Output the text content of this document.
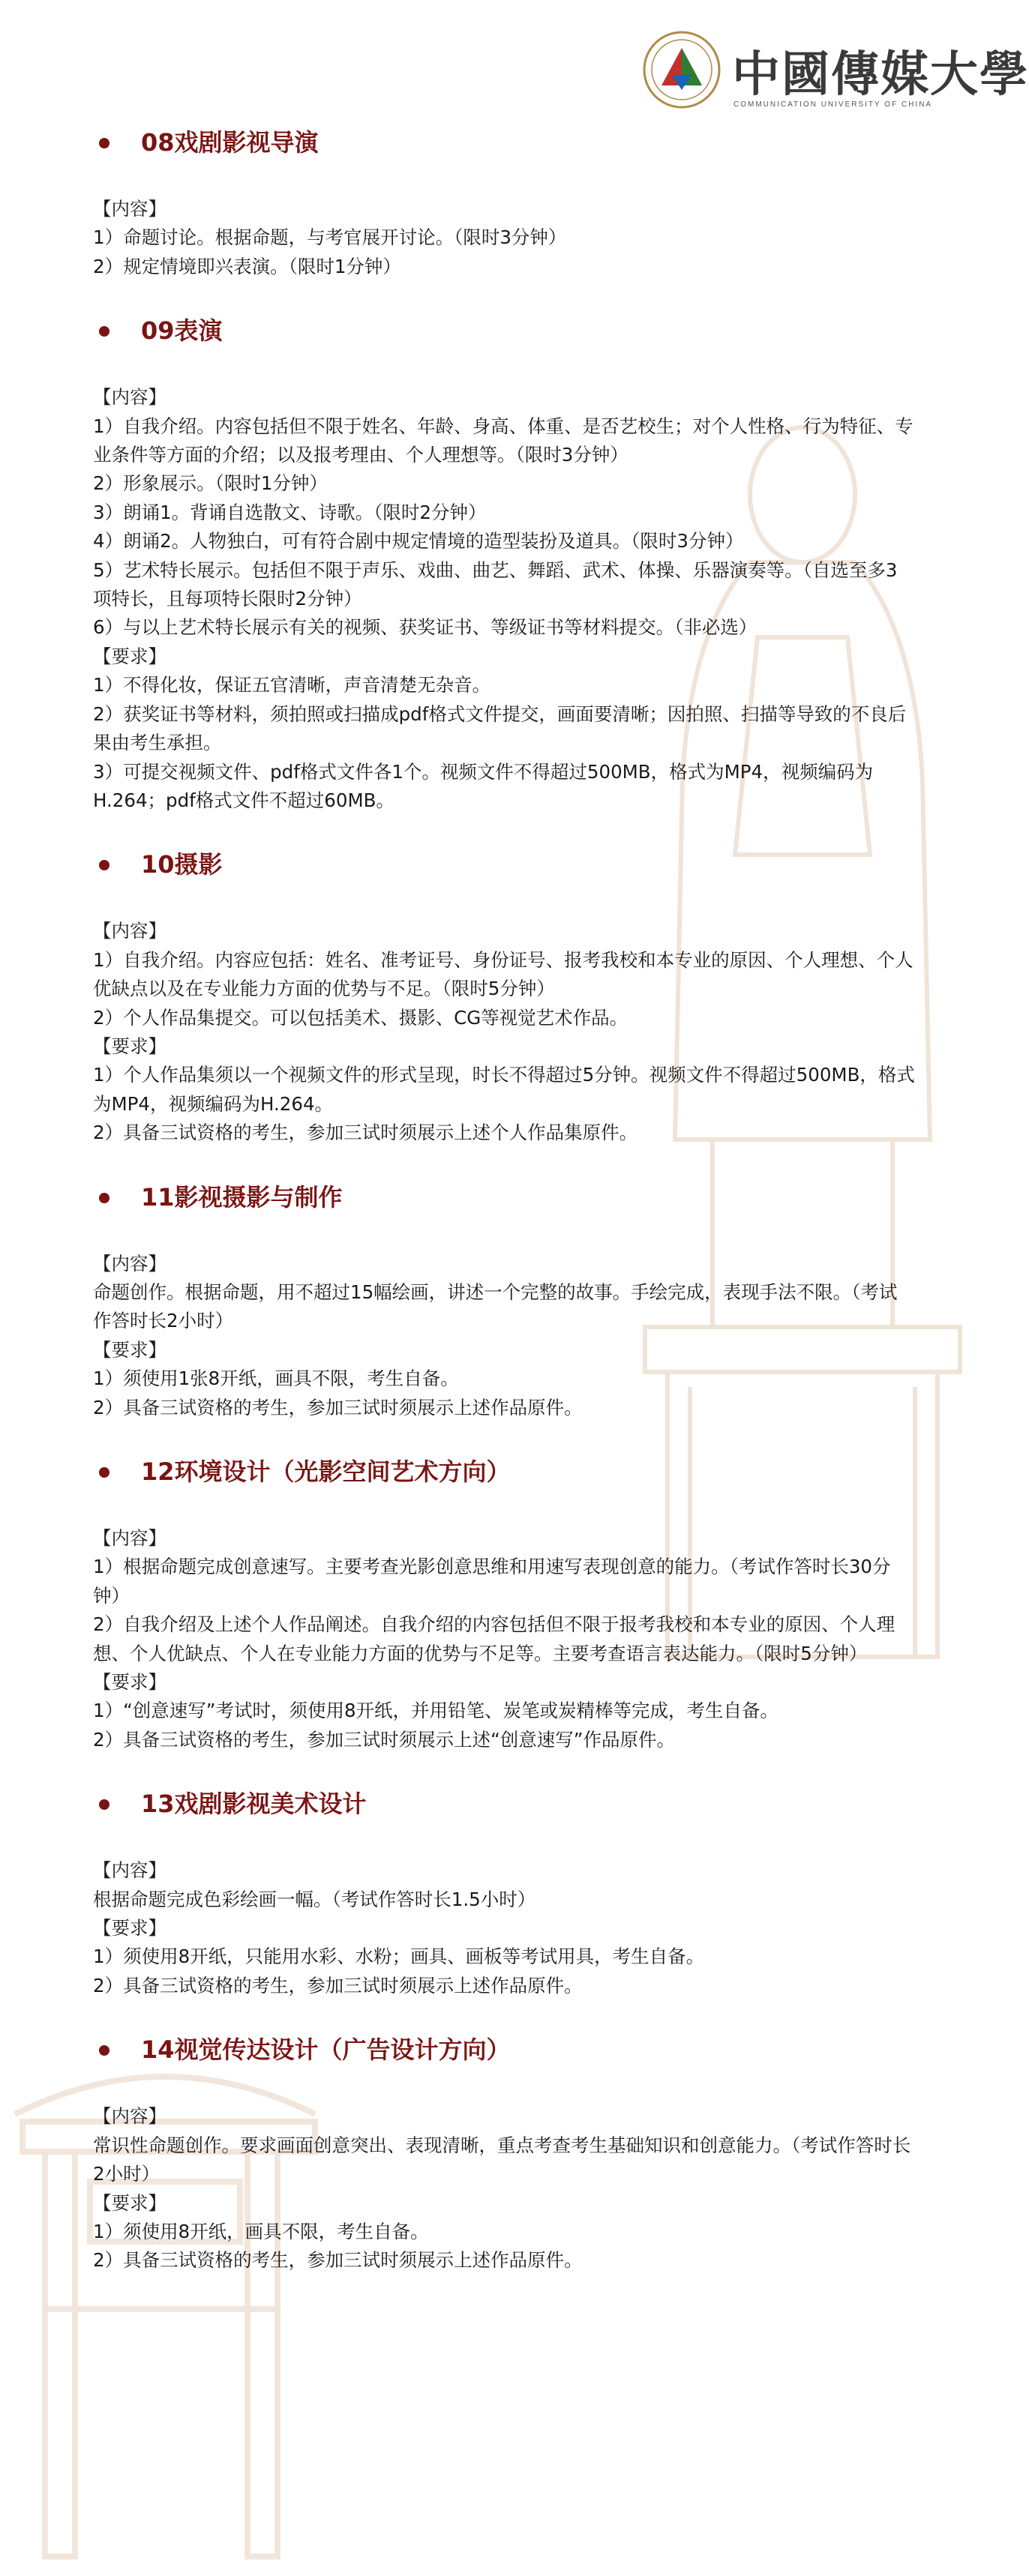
中國傳媒大學
COMMUNICATION UNIVERSITY OF CHINA
08戏剧影视导演

【内容】

1）命题讨论。根据命题，与考官展开讨论。（限时3分钟）

2）规定情境即兴表演。（限时1分钟）

09表演

【内容】

1）自我介绍。内容包括但不限于姓名、年龄、身高、体重、是否艺校生；对个人性格、行为特征、专业条件等方面的介绍；以及报考理由、个人理想等。（限时3分钟）

2）形象展示。（限时1分钟）

3）朗诵1。背诵自选散文、诗歌。（限时2分钟）

4）朗诵2。人物独白，可有符合剧中规定情境的造型装扮及道具。（限时3分钟）

5）艺术特长展示。包括但不限于声乐、戏曲、曲艺、舞蹈、武术、体操、乐器演奏等。（自选至多3项特长，且每项特长限时2分钟）

6）与以上艺术特长展示有关的视频、获奖证书、等级证书等材料提交。（非必选）

【要求】

1）不得化妆，保证五官清晰，声音清楚无杂音。

2）获奖证书等材料，须拍照或扫描成pdf格式文件提交，画面要清晰；因拍照、扫描等导致的不良后果由考生承担。

3）可提交视频文件、pdf格式文件各1个。视频文件不得超过500MB，格式为MP4，视频编码为H.264；pdf格式文件不超过60MB。

10摄影

【内容】

1）自我介绍。内容应包括：姓名、准考证号、身份证号、报考我校和本专业的原因、个人理想、个人优缺点以及在专业能力方面的优势与不足。（限时5分钟）

2）个人作品集提交。可以包括美术、摄影、CG等视觉艺术作品。

【要求】

1）个人作品集须以一个视频文件的形式呈现，时长不得超过5分钟。视频文件不得超过500MB，格式为MP4，视频编码为H.264。

2）具备三试资格的考生，参加三试时须展示上述个人作品集原件。

11影视摄影与制作

【内容】

命题创作。根据命题，用不超过15幅绘画，讲述一个完整的故事。手绘完成，表现手法不限。（考试作答时长2小时）

【要求】

1）须使用1张8开纸，画具不限，考生自备。

2）具备三试资格的考生，参加三试时须展示上述作品原件。

12环境设计（光影空间艺术方向）

【内容】

1）根据命题完成创意速写。主要考查光影创意思维和用速写表现创意的能力。（考试作答时长30分钟）

2）自我介绍及上述个人作品阐述。自我介绍的内容包括但不限于报考我校和本专业的原因、个人理想、个人优缺点、个人在专业能力方面的优势与不足等。主要考查语言表达能力。（限时5分钟）

【要求】

1）“创意速写”考试时，须使用8开纸，并用铅笔、炭笔或炭精棒等完成，考生自备。

2）具备三试资格的考生，参加三试时须展示上述“创意速写”作品原件。

13戏剧影视美术设计

【内容】

根据命题完成色彩绘画一幅。（考试作答时长1.5小时）

【要求】

1）须使用8开纸，只能用水彩、水粉；画具、画板等考试用具，考生自备。

2）具备三试资格的考生，参加三试时须展示上述作品原件。

14视觉传达设计（广告设计方向）

【内容】

常识性命题创作。要求画面创意突出、表现清晰，重点考查考生基础知识和创意能力。（考试作答时长2小时）

【要求】

1）须使用8开纸，画具不限，考生自备。

2）具备三试资格的考生，参加三试时须展示上述作品原件。
